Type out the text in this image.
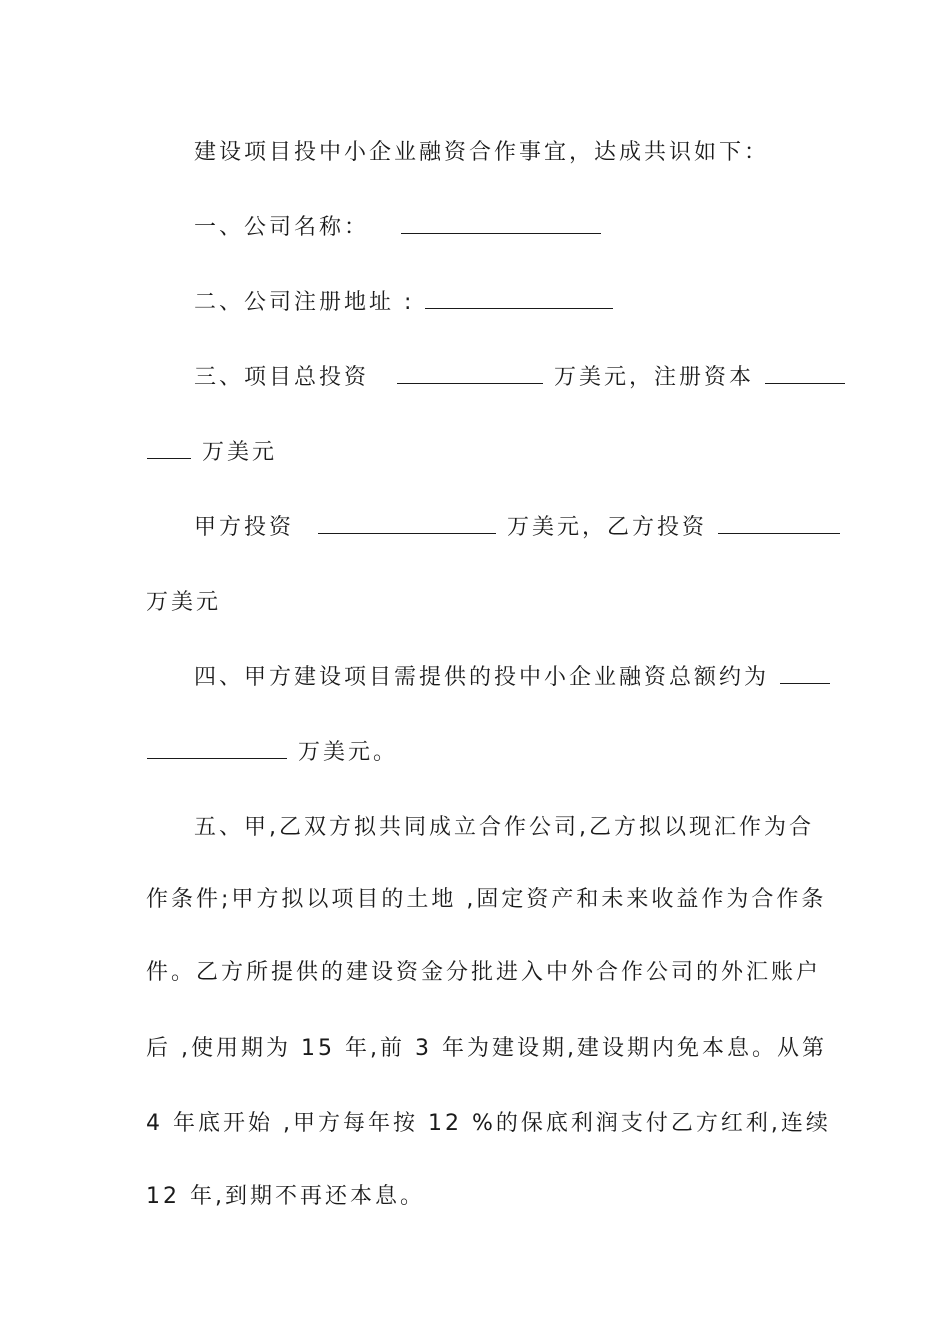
建设项目投中小企业融资合作事宜，达成共识如下：
一、公司名称：
二、公司注册地址 :
三、项目总投资	万美元，注册资本
万美元
甲方投资	万美元，乙方投资
万美元
四、甲方建设项目需提供的投中小企业融资总额约为
万美元。
五、甲,乙双方拟共同成立合作公司,乙方拟以现汇作为合
作条件;甲方拟以项目的土地 ,固定资产和未来收益作为合作条
件。乙方所提供的建设资金分批进入中外合作公司的外汇账户
后 ,使用期为 15 年,前 3 年为建设期,建设期内免本息。从第
4 年底开始 ,甲方每年按 12 %的保底利润支付乙方红利,连续
12 年,到期不再还本息。
